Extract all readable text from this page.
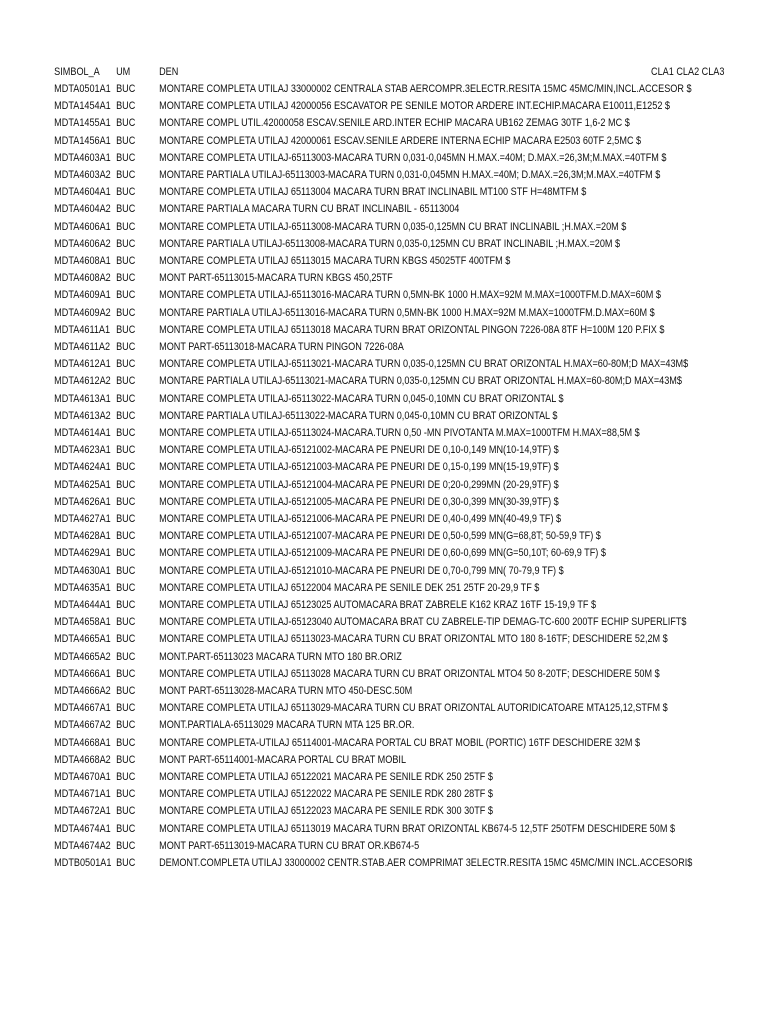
SIMBOL_A UM	DEN	CLA1 CLA2 CLA3
MDTA0501A1 BUC MONTARE COMPLETA UTILAJ 33000002 CENTRALA STAB AERCOMPR.3ELECTR.RESITA 15MC 45MC/MIN,INCL.ACCESOR $
MDTA1454A1 BUC MONTARE COMPLETA UTILAJ 42000056 ESCAVATOR PE SENILE MOTOR ARDERE INT.ECHIP.MACARA E10011,E1252 $
MDTA1455A1 BUC MONTARE COMPL UTIL.42000058 ESCAV.SENILE ARD.INTER ECHIP MACARA UB162 ZEMAG 30TF 1,6-2 MC $
MDTA1456A1 BUC MONTARE COMPLETA UTILAJ 42000061 ESCAV.SENILE ARDERE INTERNA ECHIP MACARA E2503 60TF 2,5MC $
MDTA4603A1 BUC MONTARE COMPLETA UTILAJ-65113003-MACARA TURN 0,031-0,045MN H.MAX.=40M; D.MAX.=26,3M;M.MAX.=40TFM $
MDTA4603A2 BUC MONTARE PARTIALA UTILAJ-65113003-MACARA TURN 0,031-0,045MN H.MAX.=40M; D.MAX.=26,3M;M.MAX.=40TFM $
MDTA4604A1 BUC MONTARE COMPLETA UTILAJ 65113004 MACARA TURN BRAT INCLINABIL MT100 STF H=48MTFM $
MDTA4604A2 BUC MONTARE PARTIALA MACARA TURN CU BRAT INCLINABIL - 65113004
MDTA4606A1 BUC MONTARE COMPLETA UTILAJ-65113008-MACARA TURN 0,035-0,125MN CU BRAT INCLINABIL ;H.MAX.=20M $
MDTA4606A2 BUC MONTARE PARTIALA UTILAJ-65113008-MACARA TURN 0,035-0,125MN CU BRAT INCLINABIL ;H.MAX.=20M $
MDTA4608A1 BUC MONTARE COMPLETA UTILAJ 65113015 MACARA TURN KBGS 45025TF 400TFM $
MDTA4608A2 BUC MONT PART-65113015-MACARA TURN KBGS 450,25TF
MDTA4609A1 BUC MONTARE COMPLETA UTILAJ-65113016-MACARA TURN 0,5MN-BK 1000 H.MAX=92M M.MAX=1000TFM.D.MAX=60M $
MDTA4609A2 BUC MONTARE PARTIALA UTILAJ-65113016-MACARA TURN 0,5MN-BK 1000 H.MAX=92M M.MAX=1000TFM.D.MAX=60M $
MDTA4611A1 BUC MONTARE COMPLETA UTILAJ 65113018 MACARA TURN BRAT ORIZONTAL PINGON 7226-08A 8TF H=100M 120 P.FIX $
MDTA4611A2 BUC MONT PART-65113018-MACARA TURN PINGON 7226-08A
MDTA4612A1 BUC MONTARE COMPLETA UTILAJ-65113021-MACARA TURN 0,035-0,125MN CU BRAT ORIZONTAL H.MAX=60-80M;D MAX=43M$
MDTA4612A2 BUC MONTARE PARTIALA UTILAJ-65113021-MACARA TURN 0,035-0,125MN CU BRAT ORIZONTAL H.MAX=60-80M;D MAX=43M$
MDTA4613A1 BUC MONTARE COMPLETA UTILAJ-65113022-MACARA TURN 0,045-0,10MN CU BRAT ORIZONTAL $
MDTA4613A2 BUC MONTARE PARTIALA UTILAJ-65113022-MACARA TURN 0,045-0,10MN CU BRAT ORIZONTAL $
MDTA4614A1 BUC MONTARE COMPLETA UTILAJ-65113024-MACARA.TURN 0,50 -MN PIVOTANTA M.MAX=1000TFM H.MAX=88,5M $
MDTA4623A1 BUC MONTARE COMPLETA UTILAJ-65121002-MACARA PE PNEURI DE 0,10-0,149 MN(10-14,9TF) $
MDTA4624A1 BUC MONTARE COMPLETA UTILAJ-65121003-MACARA PE PNEURI DE 0,15-0,199 MN(15-19,9TF) $
MDTA4625A1 BUC MONTARE COMPLETA UTILAJ-65121004-MACARA PE PNEURI DE 0;20-0,299MN (20-29,9TF) $
MDTA4626A1 BUC MONTARE COMPLETA UTILAJ-65121005-MACARA PE PNEURI DE 0,30-0,399 MN(30-39,9TF) $
MDTA4627A1 BUC MONTARE COMPLETA UTILAJ-65121006-MACARA PE PNEURI DE 0,40-0,499 MN(40-49,9 TF) $
MDTA4628A1 BUC MONTARE COMPLETA UTILAJ-65121007-MACARA PE PNEURI DE 0,50-0,599 MN(G=68,8T; 50-59,9 TF) $
MDTA4629A1 BUC MONTARE COMPLETA UTILAJ-65121009-MACARA PE PNEURI DE 0,60-0,699 MN(G=50,10T; 60-69,9 TF) $
MDTA4630A1 BUC MONTARE COMPLETA UTILAJ-65121010-MACARA PE PNEURI DE 0,70-0,799 MN( 70-79,9 TF) $
MDTA4635A1 BUC MONTARE COMPLETA UTILAJ 65122004 MACARA PE SENILE DEK 251 25TF 20-29,9 TF $
MDTA4644A1 BUC MONTARE COMPLETA UTILAJ 65123025 AUTOMACARA BRAT ZABRELE K162 KRAZ 16TF 15-19,9 TF $
MDTA4658A1 BUC MONTARE COMPLETA UTILAJ-65123040 AUTOMACARA BRAT CU ZABRELE-TIP DEMAG-TC-600 200TF ECHIP SUPERLIFT$
MDTA4665A1 BUC MONTARE COMPLETA UTILAJ 65113023-MACARA TURN CU BRAT ORIZONTAL MTO 180 8-16TF; DESCHIDERE 52,2M $
MDTA4665A2 BUC MONT.PART-65113023 MACARA TURN MTO 180 BR.ORIZ
MDTA4666A1 BUC MONTARE COMPLETA UTILAJ 65113028 MACARA TURN CU BRAT ORIZONTAL MTO4 50 8-20TF; DESCHIDERE 50M $
MDTA4666A2 BUC MONT PART-65113028-MACARA TURN MTO 450-DESC.50M
MDTA4667A1 BUC MONTARE COMPLETA UTILAJ 65113029-MACARA TURN CU BRAT ORIZONTAL AUTORIDICATOARE MTA125,12,STFM $
MDTA4667A2 BUC MONT.PARTIALA-65113029 MACARA TURN MTA 125 BR.OR.
MDTA4668A1 BUC MONTARE COMPLETA-UTILAJ 65114001-MACARA PORTAL CU BRAT MOBIL (PORTIC) 16TF DESCHIDERE 32M $
MDTA4668A2 BUC MONT PART-65114001-MACARA PORTAL CU BRAT MOBIL
MDTA4670A1 BUC MONTARE COMPLETA UTILAJ 65122021 MACARA PE SENILE RDK 250 25TF $
MDTA4671A1 BUC MONTARE COMPLETA UTILAJ 65122022 MACARA PE SENILE RDK 280 28TF $
MDTA4672A1 BUC MONTARE COMPLETA UTILAJ 65122023 MACARA PE SENILE RDK 300 30TF $
MDTA4674A1 BUC MONTARE COMPLETA UTILAJ 65113019 MACARA TURN BRAT ORIZONTAL KB674-5 12,5TF 250TFM DESCHIDERE 50M $
MDTA4674A2 BUC MONT PART-65113019-MACARA TURN CU BRAT OR.KB674-5
MDTB0501A1 BUC DEMONT.COMPLETA UTILAJ 33000002 CENTR.STAB.AER COMPRIMAT 3ELECTR.RESITA 15MC 45MC/MIN INCL.ACCESORI$
